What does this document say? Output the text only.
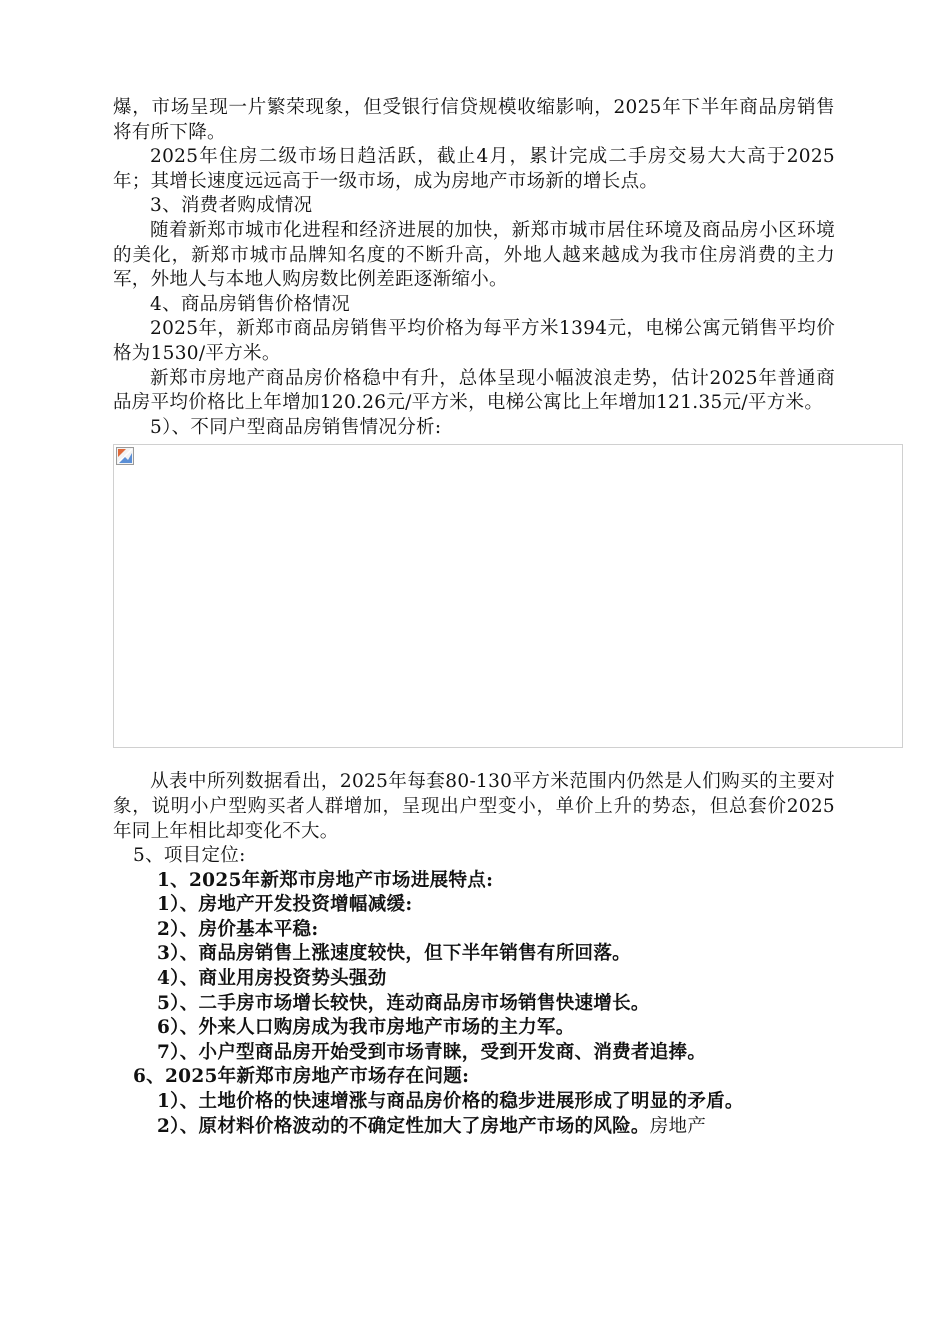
爆，市场呈现一片繁荣现象，但受银行信贷规模收缩影响，2025年下半年商品房销售将有所下降。

2025年住房二级市场日趋活跃，截止4月，累计完成二手房交易大大高于2025年；其增长速度远远高于一级市场，成为房地产市场新的增长点。

3、消费者购成情况

随着新郑市城市化进程和经济进展的加快，新郑市城市居住环境及商品房小区环境的美化，新郑市城市品牌知名度的不断升高，外地人越来越成为我市住房消费的主力军，外地人与本地人购房数比例差距逐渐缩小。

4、商品房销售价格情况

2025年，新郑市商品房销售平均价格为每平方米1394元，电梯公寓元销售平均价格为1530/平方米。

新郑市房地产商品房价格稳中有升，总体呈现小幅波浪走势，估计2025年普通商品房平均价格比上年增加120.26元/平方米，电梯公寓比上年增加121.35元/平方米。

5）、不同户型商品房销售情况分析:

从表中所列数据看出，2025年每套80-130平方米范围内仍然是人们购买的主要对象，说明小户型购买者人群增加，呈现出户型变小，单价上升的势态，但总套价2025年同上年相比却变化不大。

5、项目定位:

1、2025年新郑市房地产市场进展特点:

1）、房地产开发投资增幅减缓:

2）、房价基本平稳:

3）、商品房销售上涨速度较快，但下半年销售有所回落。

4）、商业用房投资势头强劲

5）、二手房市场增长较快，连动商品房市场销售快速增长。

6）、外来人口购房成为我市房地产市场的主力军。

7）、小户型商品房开始受到市场青睐，受到开发商、消费者追捧。

6、2025年新郑市房地产市场存在问题:

1）、土地价格的快速增涨与商品房价格的稳步进展形成了明显的矛盾。

2）、原材料价格波动的不确定性加大了房地产市场的风险。房地产
